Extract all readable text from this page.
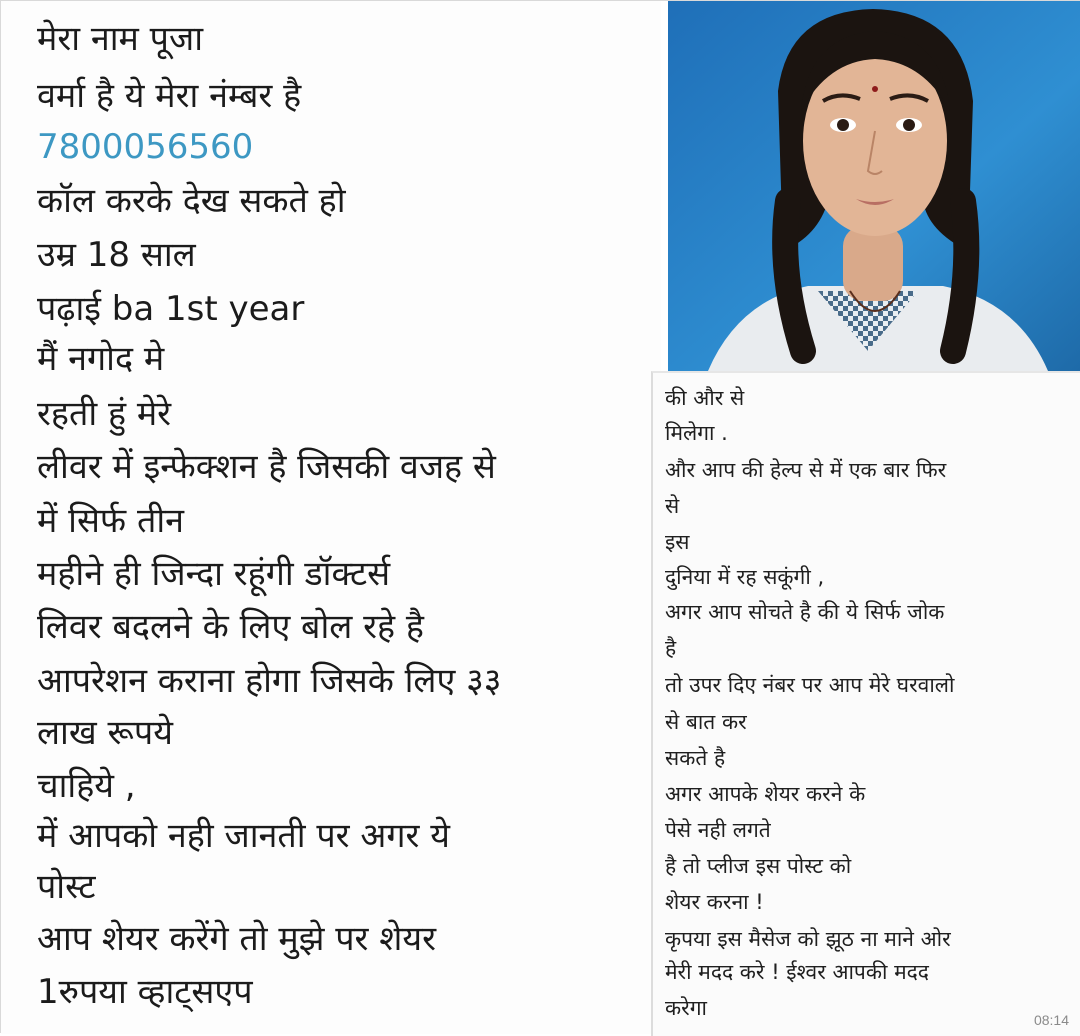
मेरा नाम पूजा
वर्मा है ये मेरा नंम्बर है
7800056560
कॉल करके देख सकते हो
उम्र 18 साल
पढ़ाई ba 1st year
मैं नगोद मे
रहती हुं मेरे
लीवर में इन्फेक्शन है जिसकी वजह से
में सिर्फ तीन
महीने ही जिन्दा रहूंगी डॉक्टर्स
लिवर बदलने के लिए बोल रहे है
आपरेशन कराना होगा जिसके लिए ३३
लाख रूपये
चाहिये ,
में आपको नही जानती पर अगर ये
पोस्ट
आप शेयर करेंगे तो मुझे पर शेयर
1रुपया व्हाट्सएप
की और से
मिलेगा .
और आप की हेल्प से में एक बार फिर
से
इस
दुनिया में रह सकूंगी ,
अगर आप सोचते है की ये सिर्फ जोक
है
तो उपर दिए नंबर पर आप मेरे घरवालो
से बात कर
सकते है
अगर आपके शेयर करने के
पेसे नही लगते
है तो प्लीज इस पोस्ट को
शेयर करना !
कृपया इस मैसेज को झूठ ना माने ओर
मेरी मदद करे ! ईश्वर आपकी मदद
करेगा	08:14
